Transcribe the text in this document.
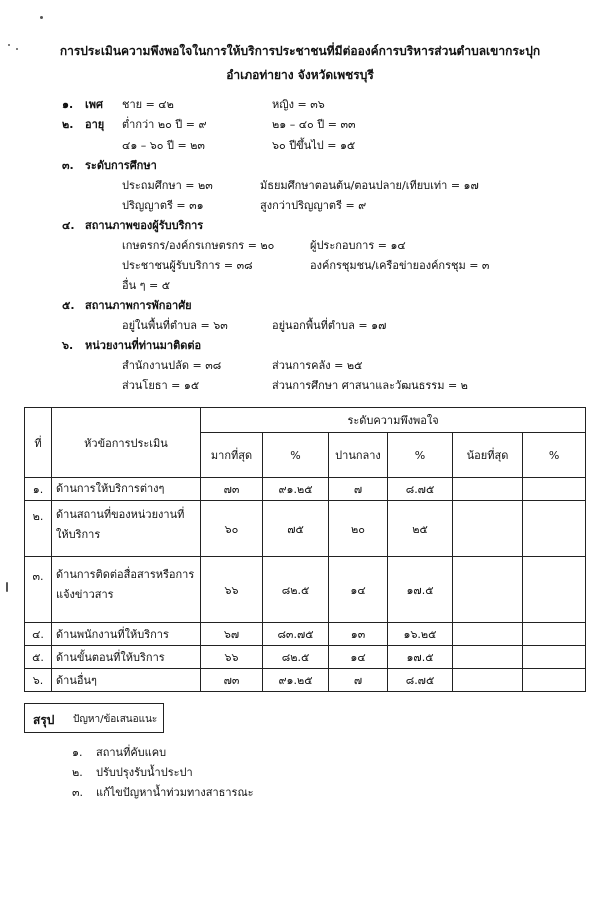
การประเมินความพึงพอใจในการให้บริการประชาชนที่มีต่อองค์การบริหารส่วนตำบลเขากระปุก
อำเภอท่ายาง จังหวัดเพชรบุรี
๑. เพศ ชาย = ๔๒	หญิง = ๓๖
๒. อายุ ต่ำกว่า ๒๐ ปี = ๙	๒๑ – ๔๐ ปี = ๓๓
๔๑ – ๖๐ ปี = ๒๓	๖๐ ปีขึ้นไป = ๑๕
๓. ระดับการศึกษา
ประถมศึกษา = ๒๓	มัธยมศึกษาตอนต้น/ตอนปลาย/เทียบเท่า = ๑๗
ปริญญาตรี = ๓๑	สูงกว่าปริญญาตรี = ๙
๔. สถานภาพของผู้รับบริการ
เกษตรกร/องค์กรเกษตรกร = ๒๐	ผู้ประกอบการ = ๑๔
ประชาชนผู้รับบริการ = ๓๘	องค์กรชุมชน/เครือข่ายองค์กรชุม = ๓
อื่น ๆ = ๕
๕. สถานภาพการพักอาศัย
อยู่ในพื้นที่ตำบล = ๖๓	อยู่นอกพื้นที่ตำบล = ๑๗
๖. หน่วยงานที่ท่านมาติดต่อ
สำนักงานปลัด = ๓๘	ส่วนการคลัง = ๒๕
ส่วนโยธา = ๑๕	ส่วนการศึกษา ศาสนาและวัฒนธรรม = ๒
ที่	หัวข้อการประเมิน	ระดับความพึงพอใจ					
		มากที่สุด	%	ปานกลาง	%	น้อยที่สุด	%
๑.	ด้านการให้บริการต่างๆ	๗๓	๙๑.๒๕	๗	๘.๗๕		
๒.	ด้านสถานที่ของหน่วยงานที่
ให้บริการ	๖๐	๗๕	๒๐	๒๕		
๓.	ด้านการติดต่อสื่อสารหรือการ
แจ้งข่าวสาร	๖๖	๘๒.๕	๑๔	๑๗.๕		
๔.	ด้านพนักงานที่ให้บริการ	๖๗	๘๓.๗๕	๑๓	๑๖.๒๕		
๕.	ด้านขั้นตอนที่ให้บริการ	๖๖	๘๒.๕	๑๔	๑๗.๕		
๖.	ด้านอื่นๆ	๗๓	๙๑.๒๕	๗	๘.๗๕		
สรุป ปัญหา/ข้อเสนอแนะ
๑. สถานที่คับแคบ
๒. ปรับปรุงรับน้ำประปา
๓. แก้ไขปัญหาน้ำท่วมทางสาธารณะ
